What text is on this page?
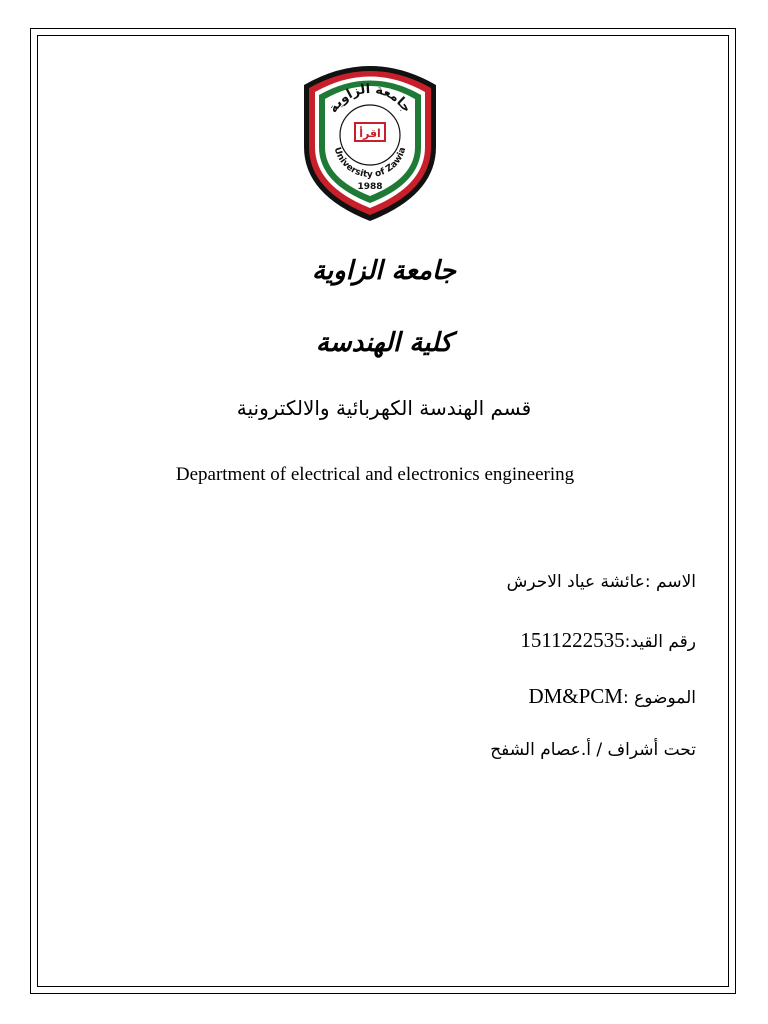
جامعة الزاوية
اقرأ
University of Zawia
1988
جامعة الزاوية
كلية الهندسة
قسم الهندسة الكهربائية والالكترونية
Department of electrical and electronics engineering
الاسم :عائشة عياد الاحرش
رقم القيد:1511222535
الموضوع :DM&PCM
تحت أشراف / أ.عصام الشفح
